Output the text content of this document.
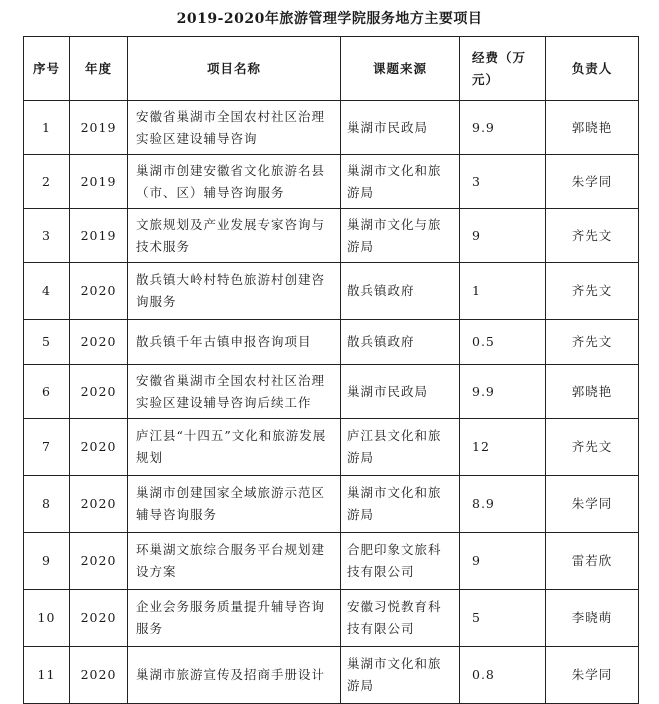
2019-2020年旅游管理学院服务地方主要项目
序号	年度	项目名称	课题来源	经费（万元）	负责人
1	2019	安徽省巢湖市全国农村社区治理实验区建设辅导咨询	巢湖市民政局	9.9	郭晓艳
2	2019	巢湖市创建安徽省文化旅游名县（市、区）辅导咨询服务	巢湖市文化和旅游局	3	朱学同
3	2019	文旅规划及产业发展专家咨询与技术服务	巢湖市文化与旅游局	9	齐先文
4	2020	散兵镇大岭村特色旅游村创建咨询服务	散兵镇政府	1	齐先文
5	2020	散兵镇千年古镇申报咨询项目	散兵镇政府	0.5	齐先文
6	2020	安徽省巢湖市全国农村社区治理实验区建设辅导咨询后续工作	巢湖市民政局	9.9	郭晓艳
7	2020	庐江县“十四五”文化和旅游发展规划	庐江县文化和旅游局	12	齐先文
8	2020	巢湖市创建国家全域旅游示范区辅导咨询服务	巢湖市文化和旅游局	8.9	朱学同
9	2020	环巢湖文旅综合服务平台规划建设方案	合肥印象文旅科技有限公司	9	雷若欣
10	2020	企业会务服务质量提升辅导咨询服务	安徽习悦教育科技有限公司	5	李晓萌
11	2020	巢湖市旅游宣传及招商手册设计	巢湖市文化和旅游局	0.8	朱学同
